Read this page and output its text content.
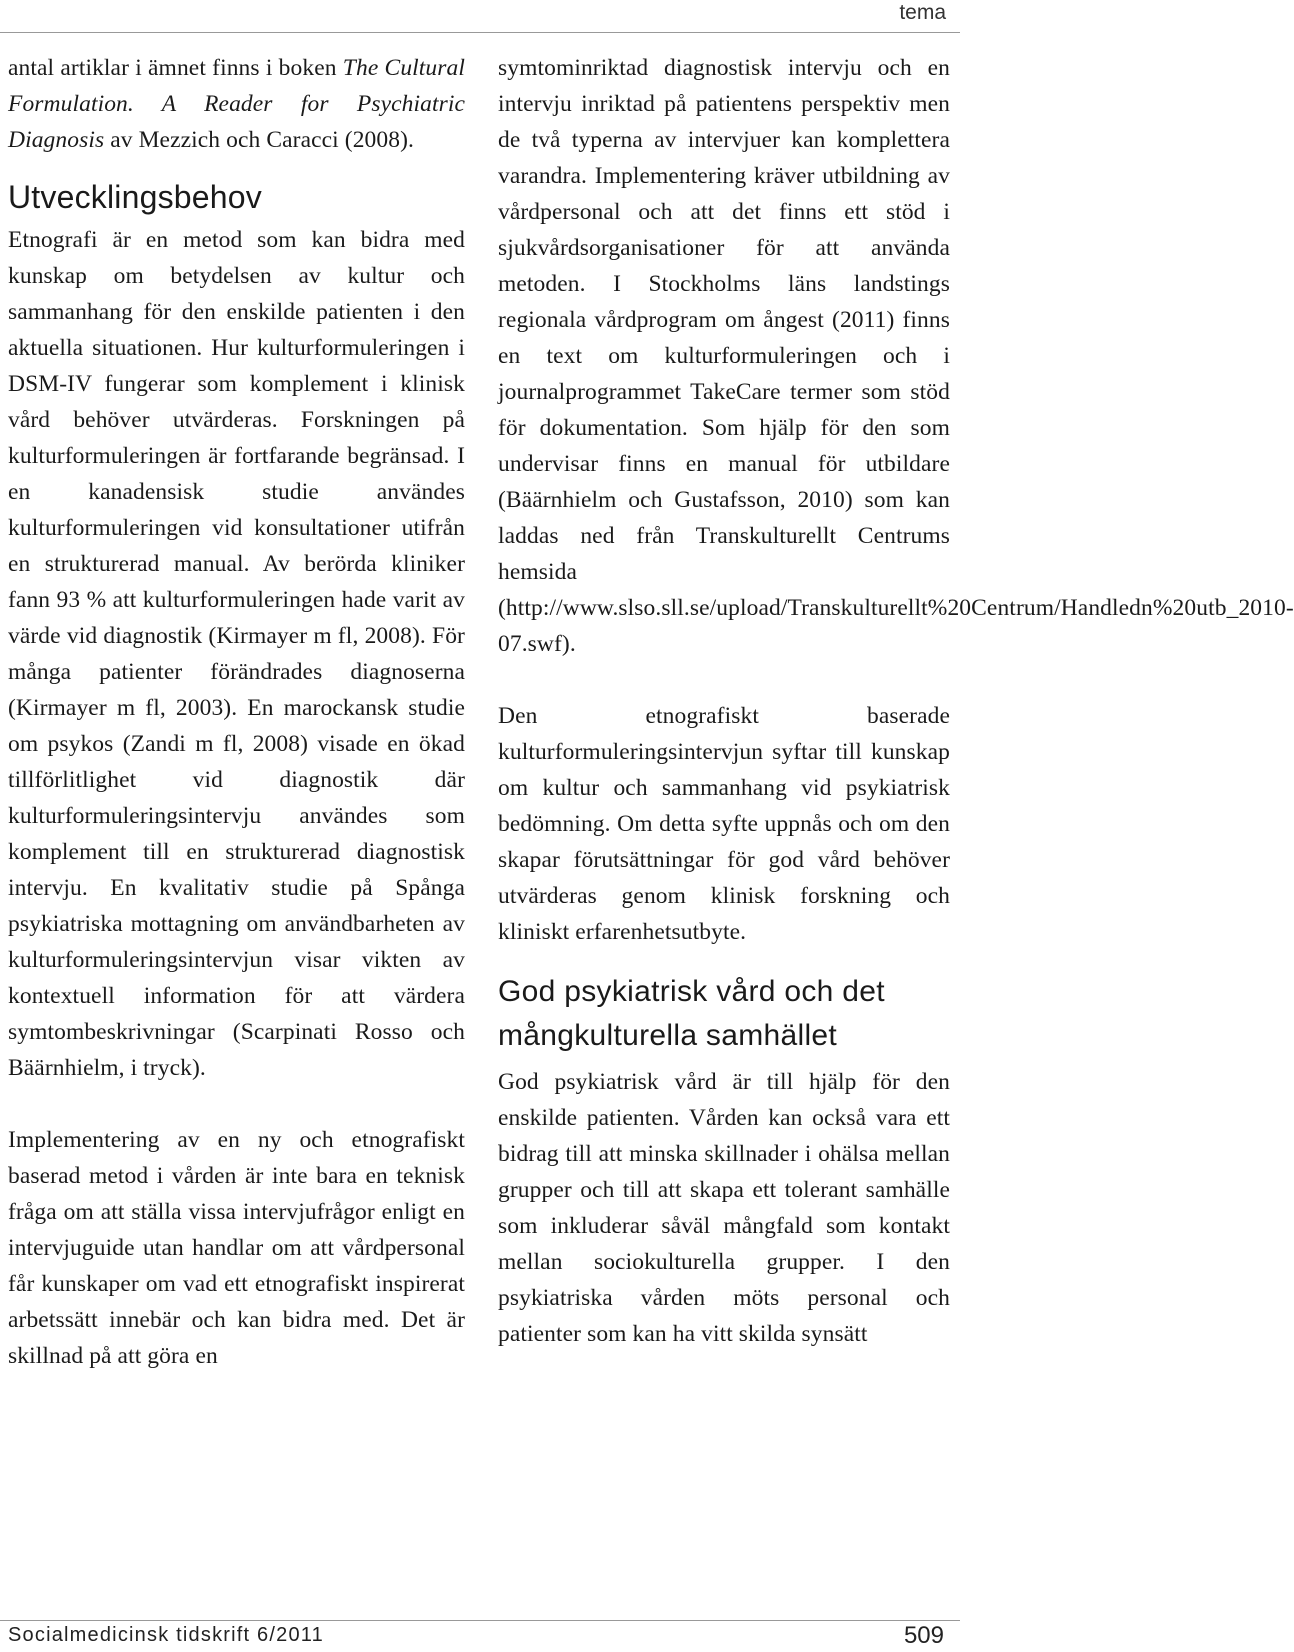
tema

antal artiklar i ämnet finns i boken The Cultural Formulation. A Reader for Psychiatric Diagnosis av Mezzich och Caracci (2008).

Utvecklingsbehov

Etnografi är en metod som kan bidra med kunskap om betydelsen av kultur och sammanhang för den enskilde patienten i den aktuella situationen. Hur kulturformuleringen i DSM-IV fungerar som komplement i klinisk vård behöver utvärderas. Forskningen på kulturformuleringen är fortfarande begränsad. I en kanadensisk studie användes kulturformuleringen vid konsultationer utifrån en strukturerad manual. Av berörda kliniker fann 93 % att kulturformuleringen hade varit av värde vid diagnostik (Kirmayer m fl, 2008). För många patienter förändrades diagnoserna (Kirmayer m fl, 2003). En marockansk studie om psykos (Zandi m fl, 2008) visade en ökad tillförlitlighet vid diagnostik där kulturformuleringsintervju användes som komplement till en strukturerad diagnostisk intervju. En kvalitativ studie på Spånga psykiatriska mottagning om användbarheten av kulturformuleringsintervjun visar vikten av kontextuell information för att värdera symtombeskrivningar (Scarpinati Rosso och Bäärnhielm, i tryck).

Implementering av en ny och etnografiskt baserad metod i vården är inte bara en teknisk fråga om att ställa vissa intervjufrågor enligt en intervjuguide utan handlar om att vårdpersonal får kunskaper om vad ett etnografiskt inspirerat arbetssätt innebär och kan bidra med. Det är skillnad på att göra en

symtominriktad diagnostisk intervju och en intervju inriktad på patientens perspektiv men de två typerna av intervjuer kan komplettera varandra. Implementering kräver utbildning av vårdpersonal och att det finns ett stöd i sjukvårdsorganisationer för att använda metoden. I Stockholms läns landstings regionala vårdprogram om ångest (2011) finns en text om kulturformuleringen och i journalprogrammet TakeCare termer som stöd för dokumentation. Som hjälp för den som undervisar finns en manual för utbildare (Bäärnhielm och Gustafsson, 2010) som kan laddas ned från Transkulturellt Centrums hemsida (http://www.slso.sll.se/upload/Transkulturellt%20Centrum/Handledn%20utb_2010-07.swf).

Den etnografiskt baserade kulturformuleringsintervjun syftar till kunskap om kultur och sammanhang vid psykiatrisk bedömning. Om detta syfte uppnås och om den skapar förutsättningar för god vård behöver utvärderas genom klinisk forskning och kliniskt erfarenhetsutbyte.

God psykiatrisk vård och det mångkulturella samhället

God psykiatrisk vård är till hjälp för den enskilde patienten. Vården kan också vara ett bidrag till att minska skillnader i ohälsa mellan grupper och till att skapa ett tolerant samhälle som inkluderar såväl mångfald som kontakt mellan sociokulturella grupper. I den psykiatriska vården möts personal och patienter som kan ha vitt skilda synsätt

Socialmedicinsk tidskrift 6/2011	509
